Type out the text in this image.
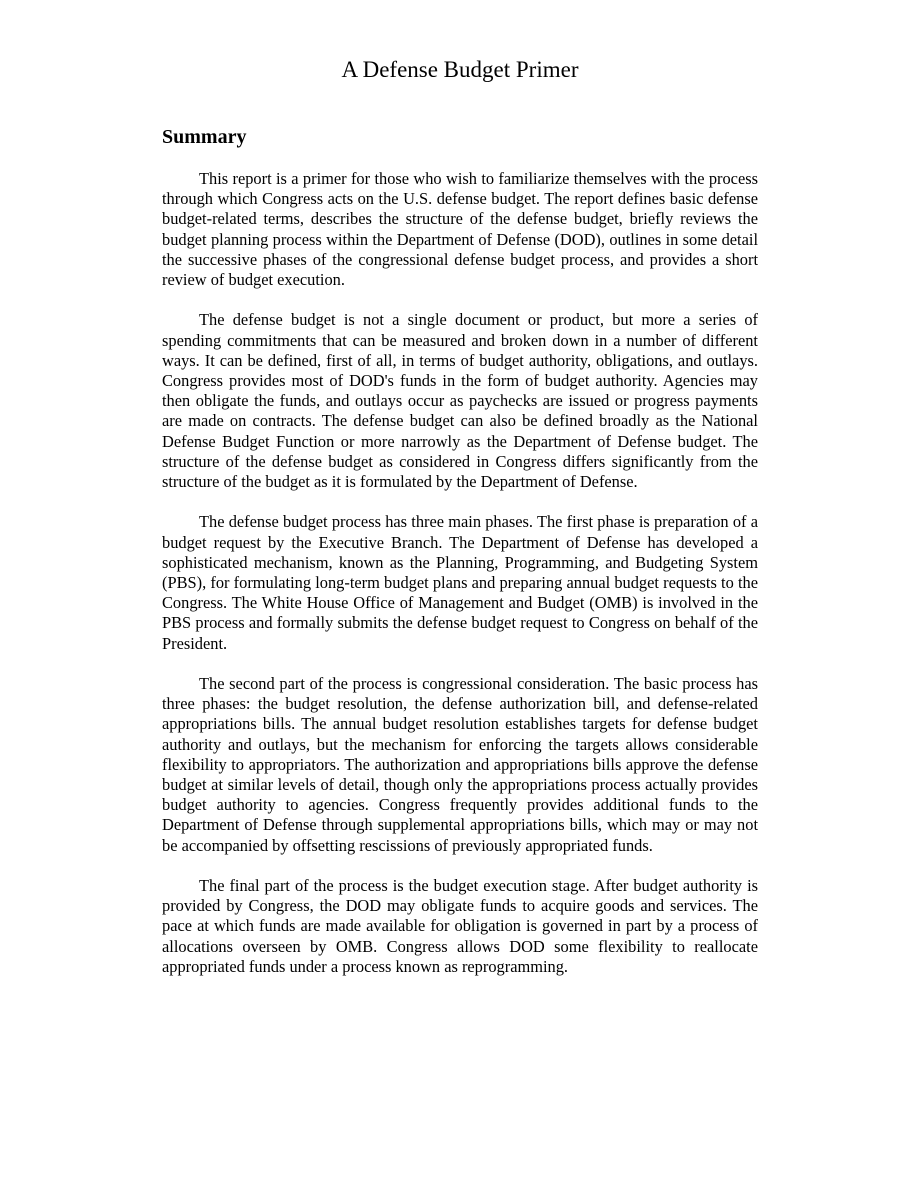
A Defense Budget Primer
Summary

This report is a primer for those who wish to familiarize themselves with the process through which Congress acts on the U.S. defense budget. The report defines basic defense budget-related terms, describes the structure of the defense budget, briefly reviews the budget planning process within the Department of Defense (DOD), outlines in some detail the successive phases of the congressional defense budget process, and provides a short review of budget execution.

The defense budget is not a single document or product, but more a series of spending commitments that can be measured and broken down in a number of different ways. It can be defined, first of all, in terms of budget authority, obligations, and outlays. Congress provides most of DOD's funds in the form of budget authority. Agencies may then obligate the funds, and outlays occur as paychecks are issued or progress payments are made on contracts. The defense budget can also be defined broadly as the National Defense Budget Function or more narrowly as the Department of Defense budget. The structure of the defense budget as considered in Congress differs significantly from the structure of the budget as it is formulated by the Department of Defense.

The defense budget process has three main phases. The first phase is preparation of a budget request by the Executive Branch. The Department of Defense has developed a sophisticated mechanism, known as the Planning, Programming, and Budgeting System (PBS), for formulating long-term budget plans and preparing annual budget requests to the Congress. The White House Office of Management and Budget (OMB) is involved in the PBS process and formally submits the defense budget request to Congress on behalf of the President.

The second part of the process is congressional consideration. The basic process has three phases: the budget resolution, the defense authorization bill, and defense-related appropriations bills. The annual budget resolution establishes targets for defense budget authority and outlays, but the mechanism for enforcing the targets allows considerable flexibility to appropriators. The authorization and appropriations bills approve the defense budget at similar levels of detail, though only the appropriations process actually provides budget authority to agencies. Congress frequently provides additional funds to the Department of Defense through supplemental appropriations bills, which may or may not be accompanied by offsetting rescissions of previously appropriated funds.

The final part of the process is the budget execution stage. After budget authority is provided by Congress, the DOD may obligate funds to acquire goods and services. The pace at which funds are made available for obligation is governed in part by a process of allocations overseen by OMB. Congress allows DOD some flexibility to reallocate appropriated funds under a process known as reprogramming.
